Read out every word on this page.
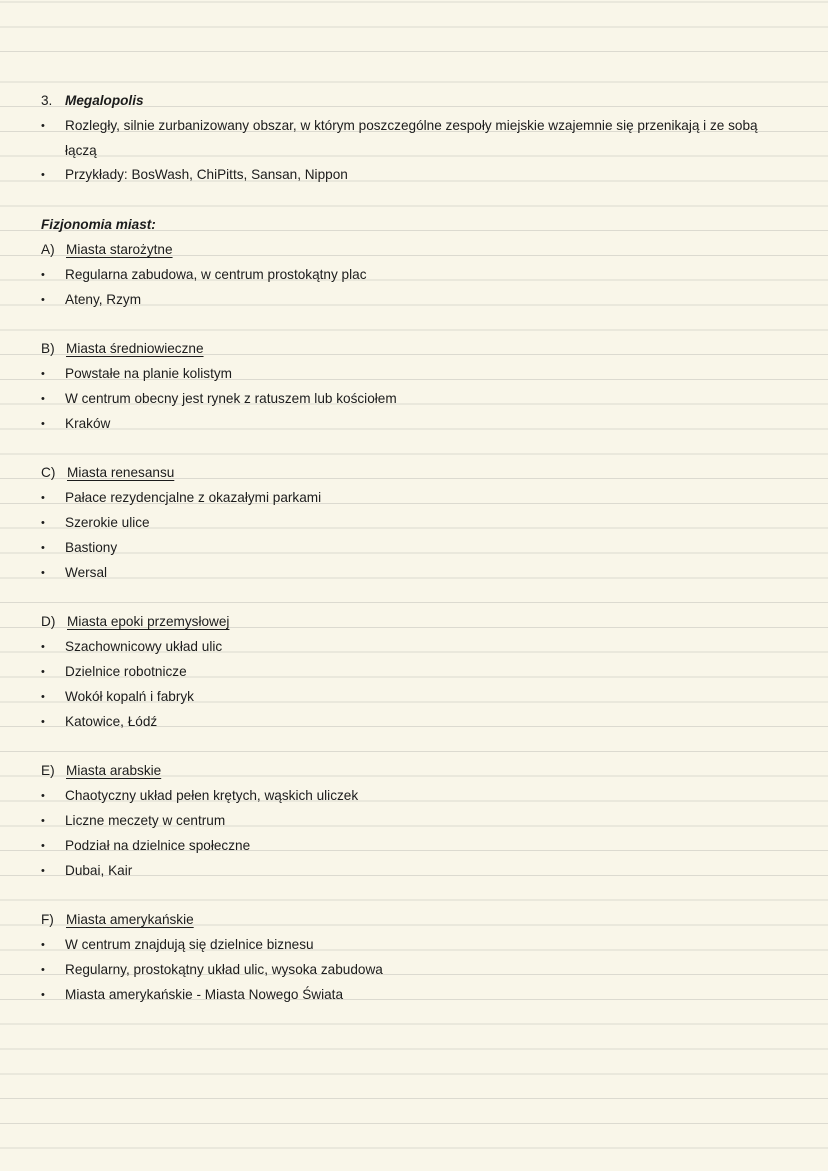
3. Megalopolis
• Rozległy, silnie zurbanizowany obszar, w którym poszczególne zespoły miejskie wzajemnie się przenikają i ze sobą
łączą
• Przykłady: BosWash, ChiPitts, Sansan, Nippon
Fizjonomia miast:
A) Miasta starożytne
• Regularna zabudowa, w centrum prostokątny plac
• Ateny, Rzym
B) Miasta średniowieczne
• Powstałe na planie kolistym
• W centrum obecny jest rynek z ratuszem lub kościołem
• Kraków
C) Miasta renesansu
• Pałace rezydencjalne z okazałymi parkami
• Szerokie ulice
• Bastiony
• Wersal
D) Miasta epoki przemysłowej
• Szachownicowy układ ulic
• Dzielnice robotnicze
• Wokół kopalń i fabryk
• Katowice, Łódź
E) Miasta arabskie
• Chaotyczny układ pełen krętych, wąskich uliczek
• Liczne meczety w centrum
• Podział na dzielnice społeczne
• Dubai, Kair
F) Miasta amerykańskie
• W centrum znajdują się dzielnice biznesu
• Regularny, prostokątny układ ulic, wysoka zabudowa
• Miasta amerykańskie - Miasta Nowego Świata
